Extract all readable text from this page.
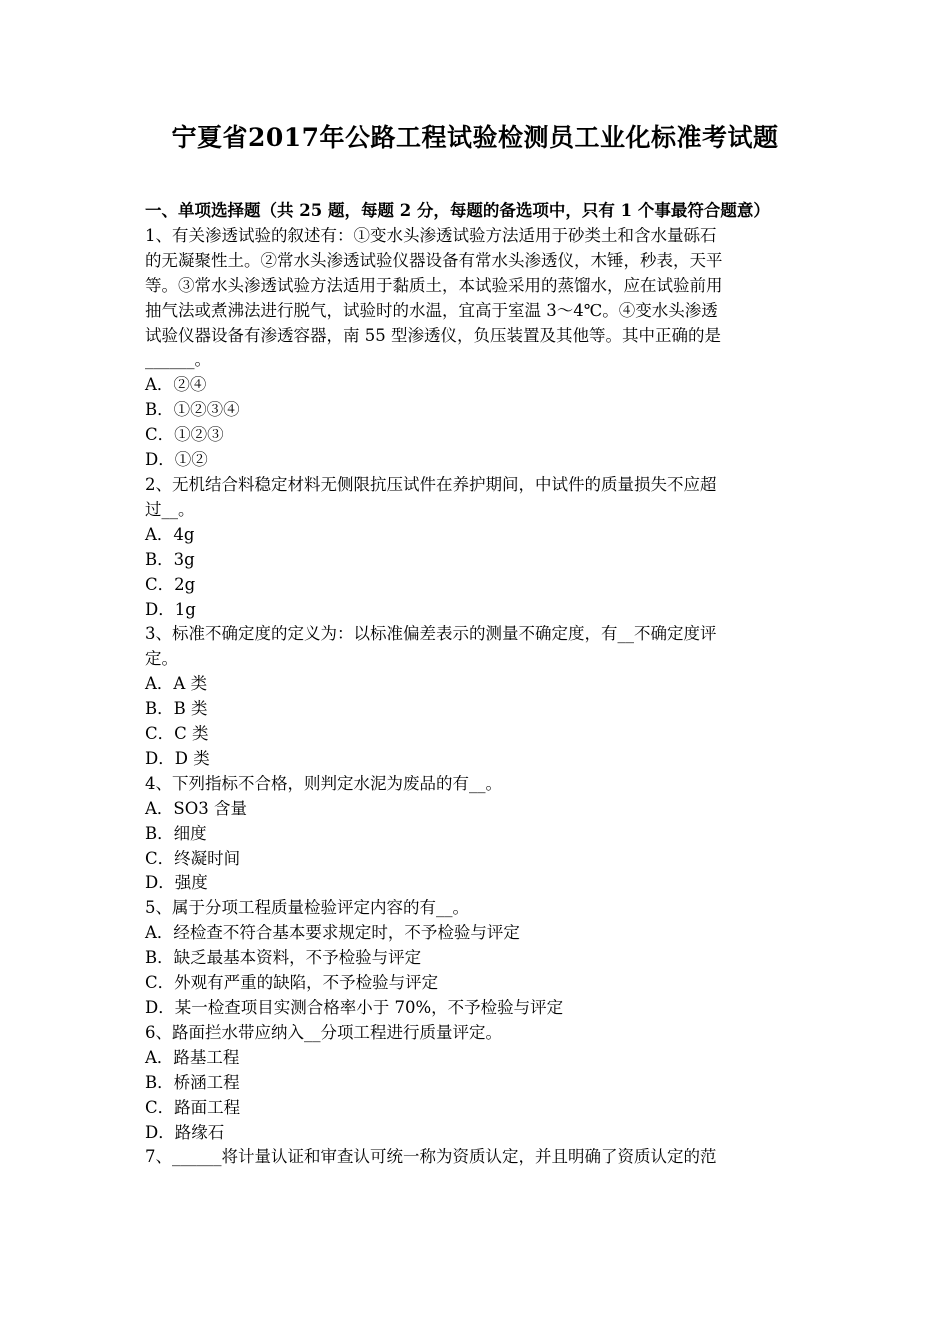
宁夏省2017年公路工程试验检测员工业化标准考试题

一、单项选择题（共 25 题，每题 2 分，每题的备选项中，只有 1 个事最符合题意）

1、有关渗透试验的叙述有：①变水头渗透试验方法适用于砂类土和含水量砾石

的无凝聚性土。②常水头渗透试验仪器设备有常水头渗透仪，木锤，秒表，天平

等。③常水头渗透试验方法适用于黏质土，本试验采用的蒸馏水，应在试验前用

抽气法或煮沸法进行脱气，试验时的水温，宜高于室温 3～4℃。④变水头渗透

试验仪器设备有渗透容器，南 55 型渗透仪，负压装置及其他等。其中正确的是

______。

A．②④

B．①②③④

C．①②③

D．①②

2、无机结合料稳定材料无侧限抗压试件在养护期间，中试件的质量损失不应超

过__。

A．4g

B．3g

C．2g

D．1g

3、标准不确定度的定义为：以标准偏差表示的测量不确定度，有__不确定度评

定。

A．A 类

B．B 类

C．C 类

D．D 类

4、下列指标不合格，则判定水泥为废品的有__。

A．SO3 含量

B．细度

C．终凝时间

D．强度

5、属于分项工程质量检验评定内容的有__。

A．经检查不符合基本要求规定时，不予检验与评定

B．缺乏最基本资料，不予检验与评定

C．外观有严重的缺陷，不予检验与评定

D．某一检查项目实测合格率小于 70%，不予检验与评定

6、路面拦水带应纳入__分项工程进行质量评定。

A．路基工程

B．桥涵工程

C．路面工程

D．路缘石

7、______将计量认证和审查认可统一称为资质认定，并且明确了资质认定的范
